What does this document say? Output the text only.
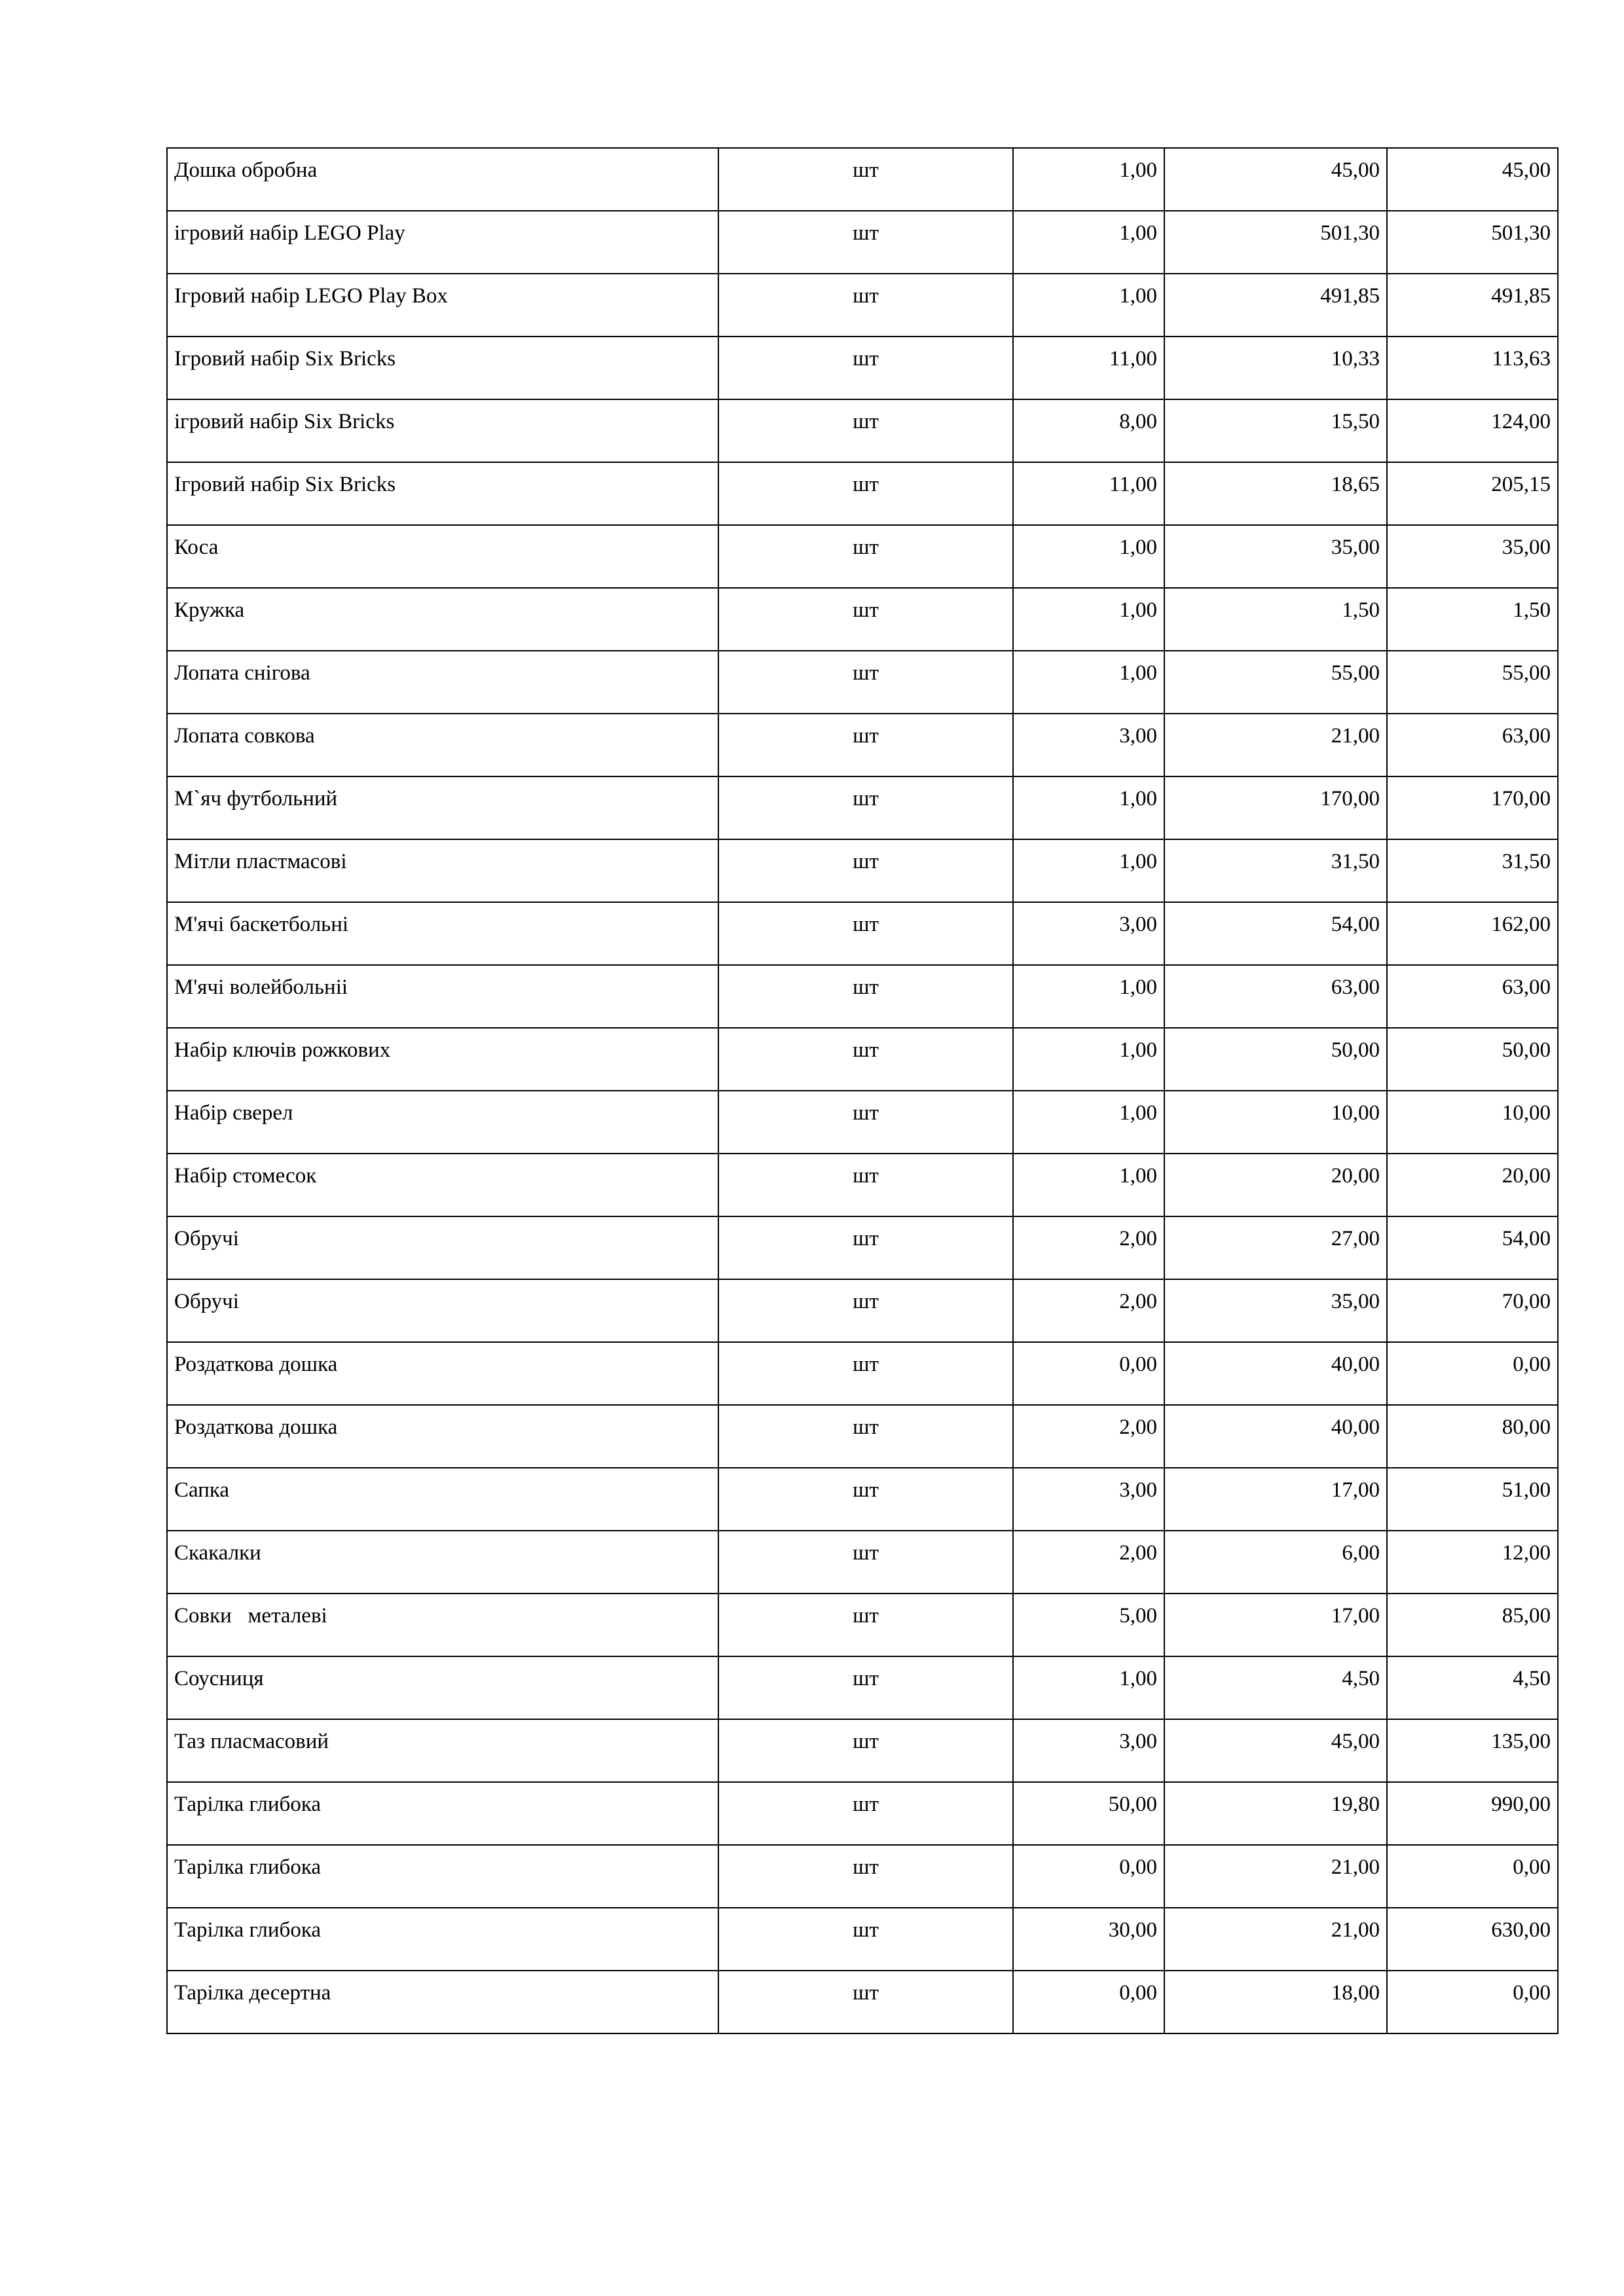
Дошка обробна	шт	1,00	45,00	45,00
ігровий набір LEGO Play	шт	1,00	501,30	501,30
Ігровий набір LEGO Play Box	шт	1,00	491,85	491,85
Ігровий набір Six Bricks	шт	11,00	10,33	113,63
ігровий набір Six Bricks	шт	8,00	15,50	124,00
Ігровий набір Six Bricks	шт	11,00	18,65	205,15
Коса	шт	1,00	35,00	35,00
Кружка	шт	1,00	1,50	1,50
Лопата снігова	шт	1,00	55,00	55,00
Лопата совкова	шт	3,00	21,00	63,00
М`яч футбольний	шт	1,00	170,00	170,00
Мітли пластмасові	шт	1,00	31,50	31,50
М'ячі баскетбольні	шт	3,00	54,00	162,00
М'ячі волейбольніі	шт	1,00	63,00	63,00
Набір ключів рожкових	шт	1,00	50,00	50,00
Набір сверел	шт	1,00	10,00	10,00
Набір стомесок	шт	1,00	20,00	20,00
Обручі	шт	2,00	27,00	54,00
Обручі	шт	2,00	35,00	70,00
Роздаткова дошка	шт	0,00	40,00	0,00
Роздаткова дошка	шт	2,00	40,00	80,00
Сапка	шт	3,00	17,00	51,00
Скакалки	шт	2,00	6,00	12,00
Совки   металеві	шт	5,00	17,00	85,00
Соусниця	шт	1,00	4,50	4,50
Таз пласмасовий	шт	3,00	45,00	135,00
Тарілка глибока	шт	50,00	19,80	990,00
Тарілка глибока	шт	0,00	21,00	0,00
Тарілка глибока	шт	30,00	21,00	630,00
Тарілка десертна	шт	0,00	18,00	0,00
